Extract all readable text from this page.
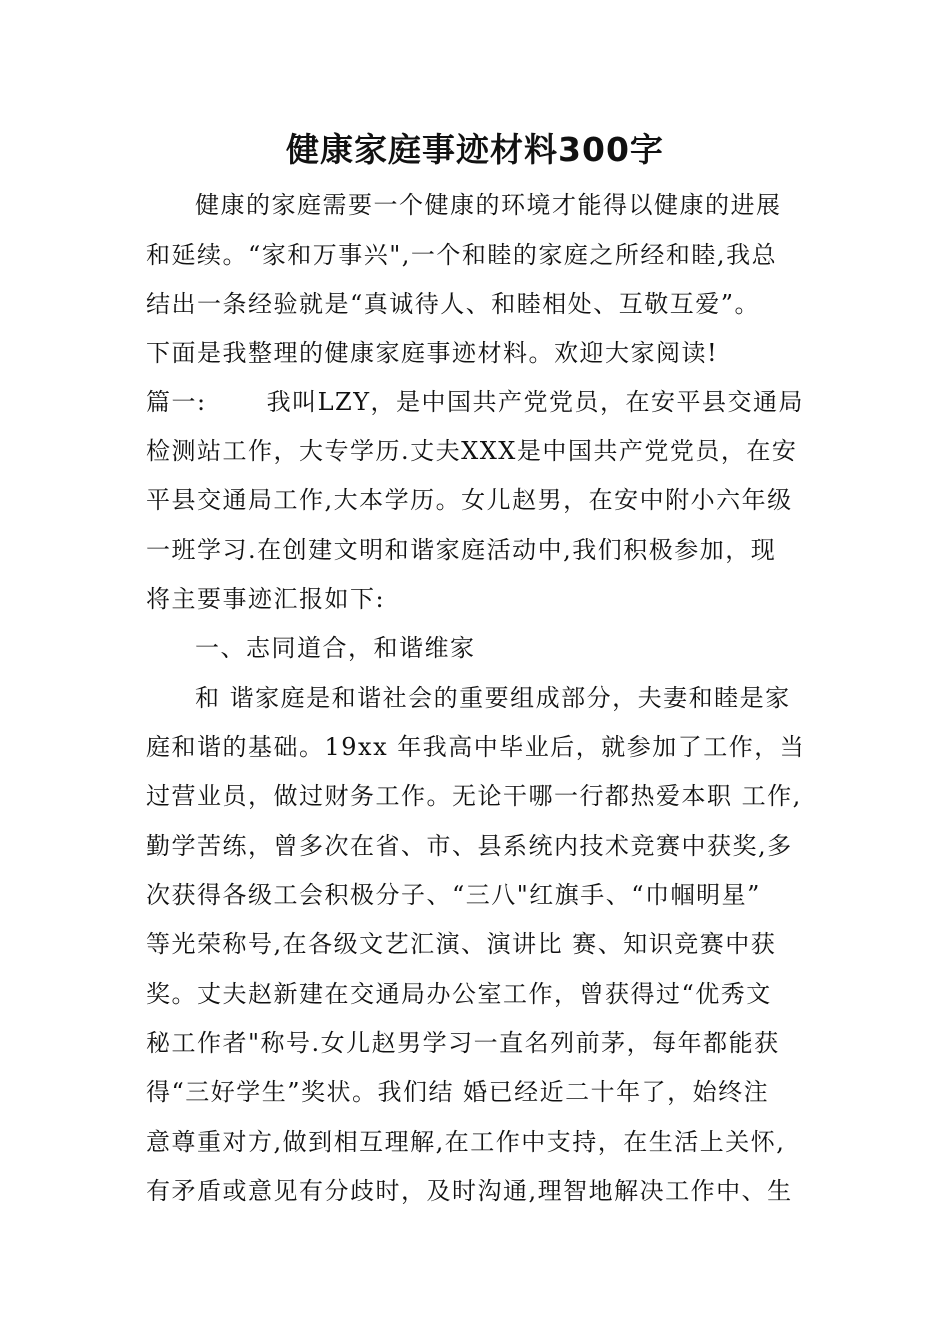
健康家庭事迹材料300字
健康的家庭需要一个健康的环境才能得以健康的进展
和延续。“家和万事兴",一个和睦的家庭之所经和睦,我总
结出一条经验就是“真诚待人、和睦相处、互敬互爱”。
下面是我整理的健康家庭事迹材料。欢迎大家阅读!
篇一:	我叫LZY，是中国共产党党员，在安平县交通局
检测站工作，大专学历.丈夫XXX是中国共产党党员，在安
平县交通局工作,大本学历。女儿赵男，在安中附小六年级
一班学习.在创建文明和谐家庭活动中,我们积极参加，现
将主要事迹汇报如下:
一、志同道合，和谐维家
和 谐家庭是和谐社会的重要组成部分，夫妻和睦是家
庭和谐的基础。19xx 年我高中毕业后，就参加了工作，当
过营业员，做过财务工作。无论干哪一行都热爱本职 工作,
勤学苦练，曾多次在省、市、县系统内技术竞赛中获奖,多
次获得各级工会积极分子、“三八"红旗手、“巾帼明星”
等光荣称号,在各级文艺汇演、演讲比 赛、知识竞赛中获
奖。丈夫赵新建在交通局办公室工作，曾获得过“优秀文
秘工作者"称号.女儿赵男学习一直名列前茅，每年都能获
得“三好学生”奖状。我们结 婚已经近二十年了，始终注
意尊重对方,做到相互理解,在工作中支持，在生活上关怀,
有矛盾或意见有分歧时，及时沟通,理智地解决工作中、生
